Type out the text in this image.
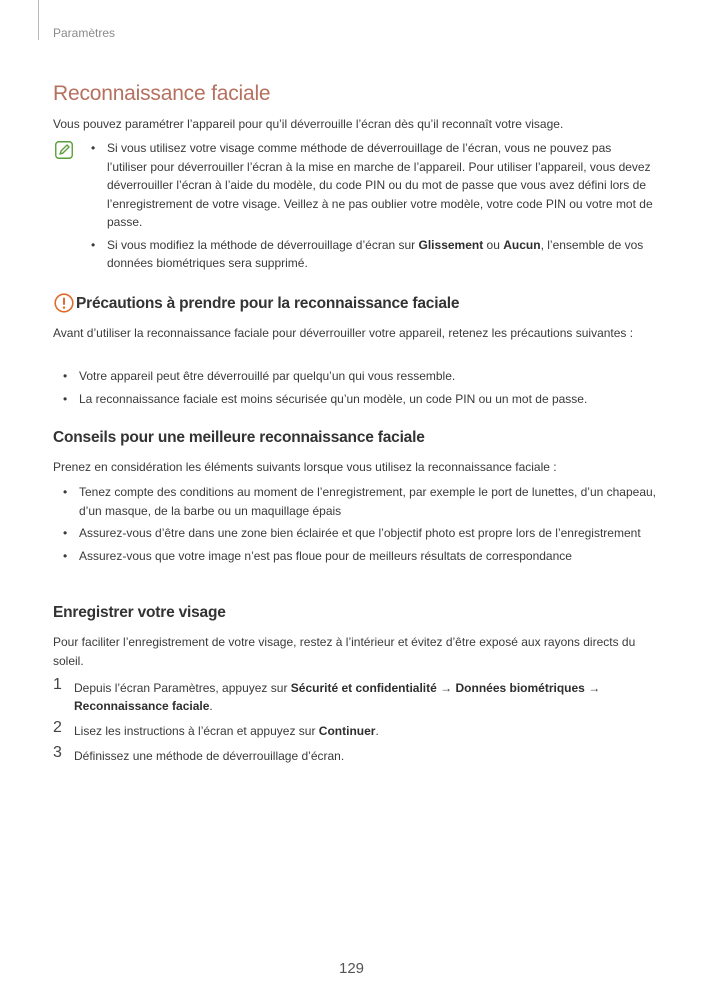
Paramètres
Reconnaissance faciale

Vous pouvez paramétrer l’appareil pour qu’il déverrouille l’écran dès qu’il reconnaît votre visage.

• Si vous utilisez votre visage comme méthode de déverrouillage de l’écran, vous ne pouvez pas l’utiliser pour déverrouiller l’écran à la mise en marche de l’appareil. Pour utiliser l’appareil, vous devez déverrouiller l’écran à l’aide du modèle, du code PIN ou du mot de passe que vous avez défini lors de l’enregistrement de votre visage. Veillez à ne pas oublier votre modèle, votre code PIN ou votre mot de passe.
• Si vous modifiez la méthode de déverrouillage d’écran sur Glissement ou Aucun, l’ensemble de vos données biométriques sera supprimé.
Précautions à prendre pour la reconnaissance faciale

Avant d’utiliser la reconnaissance faciale pour déverrouiller votre appareil, retenez les précautions suivantes :

• Votre appareil peut être déverrouillé par quelqu’un qui vous ressemble.
• La reconnaissance faciale est moins sécurisée qu’un modèle, un code PIN ou un mot de passe.
Conseils pour une meilleure reconnaissance faciale

Prenez en considération les éléments suivants lorsque vous utilisez la reconnaissance faciale :

• Tenez compte des conditions au moment de l’enregistrement, par exemple le port de lunettes, d’un chapeau, d’un masque, de la barbe ou un maquillage épais
• Assurez-vous d’être dans une zone bien éclairée et que l’objectif photo est propre lors de l’enregistrement
• Assurez-vous que votre image n’est pas floue pour de meilleurs résultats de correspondance
Enregistrer votre visage

Pour faciliter l’enregistrement de votre visage, restez à l’intérieur et évitez d’être exposé aux rayons directs du soleil.

1 Depuis l’écran Paramètres, appuyez sur Sécurité et confidentialité → Données biométriques → Reconnaissance faciale.
2 Lisez les instructions à l’écran et appuyez sur Continuer.
3 Définissez une méthode de déverrouillage d’écran.
129
